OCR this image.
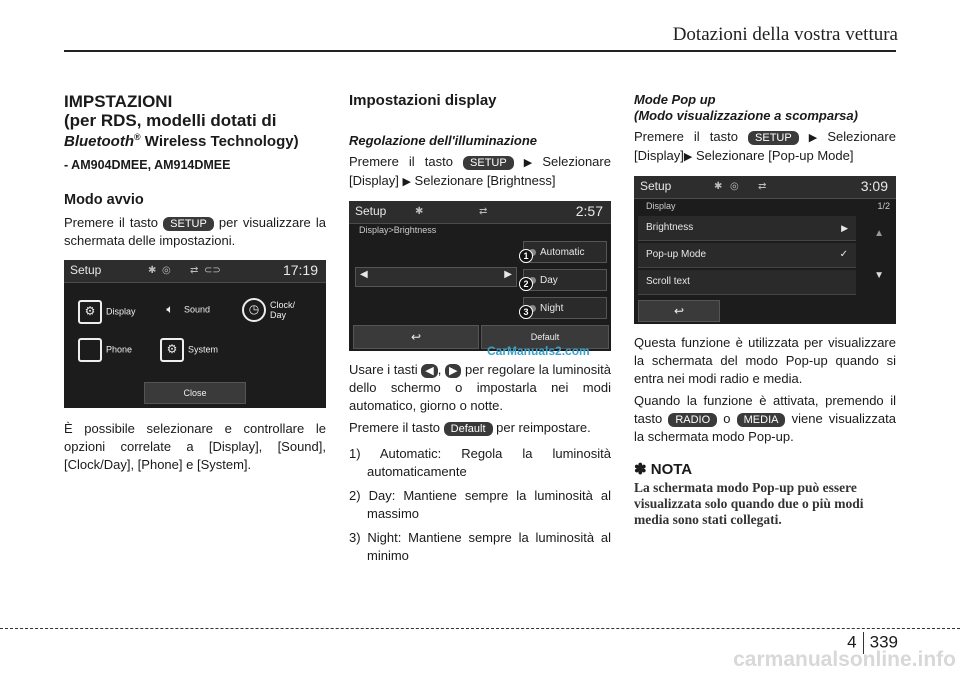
Dotazioni della vostra vettura
IMPSTAZIONI
(per RDS, modelli dotati di
Bluetooth® Wireless Technology)
- AM904DMEE, AM914DMEE
Modo avvio

Premere il tasto SETUP per visualizzare la schermata delle impostazioni.

Setup	✱ ◎ ⇄ ⊂⊃	17:19
⚙ Display	🔈︎ Sound	◷ Clock/ Day
Phone	⚙ System
Close

È possibile selezionare e controllare le opzioni correlate a [Display], [Sound], [Clock/Day], [Phone] e [System].

Impostazioni display
Regolazione dell'illuminazione

Premere il tasto SETUP ▶ Selezionare [Display] ▶ Selezionare [Brightness]

Setup	✱	⇄	2:57
Display>Brightness
◀	▶
Automatic
Day
Night
1
2
3
↩	Default

Usare i tasti ◀ , ▶ per regolare la luminosità dello schermo o impostarla nei modi automatico, giorno o notte.

Premere il tasto Default per reimpostare.

1) Automatic: Regola la luminosità automaticamente
2) Day: Mantiene sempre la luminosità al massimo
3) Night: Mantiene sempre la luminosità al minimo
Mode Pop up
(Modo visualizzazione a scomparsa)

Premere il tasto SETUP ▶ Selezionare [Display]▶ Selezionare [Pop-up Mode]

Setup	✱ ◎ ⇄	3:09
Display	1/2
Brightness	▶
Pop-up Mode	✓
Scroll text
▲
▼
↩

Questa funzione è utilizzata per visualizzare la schermata del modo Pop-up quando si entra nei modi radio e media.

Quando la funzione è attivata, premendo il tasto RADIO o MEDIA viene visualizzata la schermata modo Pop-up.

✽ NOTA
La schermata modo Pop-up può essere visualizzata solo quando due o più modi media sono stati collegati.
CarManuals2.com
4 339
carmanualsonline.info
